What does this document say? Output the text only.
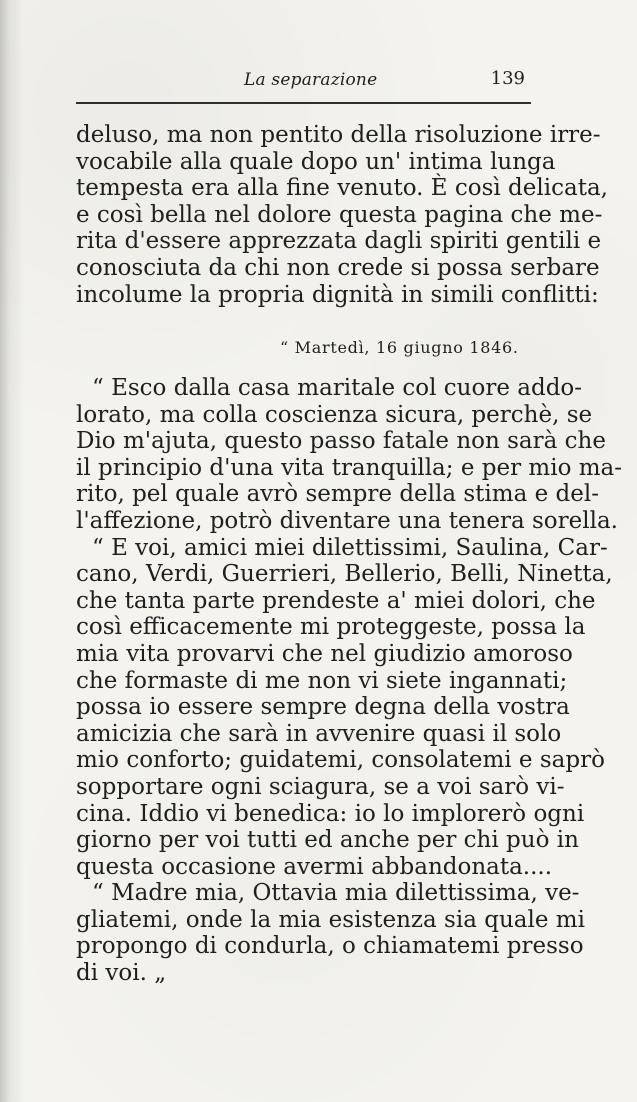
La separazione	139
deluso, ma non pentito della risoluzione irre-
vocabile alla quale dopo un' intima lunga
tempesta era alla fine venuto. È così delicata,
e così bella nel dolore questa pagina che me-
rita d'essere apprezzata dagli spiriti gentili e
conosciuta da chi non crede si possa serbare
incolume la propria dignità in simili conflitti:
“ Martedì, 16 giugno 1846.
“ Esco dalla casa maritale col cuore addo-
lorato, ma colla coscienza sicura, perchè, se
Dio m'ajuta, questo passo fatale non sarà che
il principio d'una vita tranquilla; e per mio ma-
rito, pel quale avrò sempre della stima e del-
l'affezione, potrò diventare una tenera sorella.
“ E voi, amici miei dilettissimi, Saulina, Car-
cano, Verdi, Guerrieri, Bellerio, Belli, Ninetta,
che tanta parte prendeste a' miei dolori, che
così efficacemente mi proteggeste, possa la
mia vita provarvi che nel giudizio amoroso
che formaste di me non vi siete ingannati;
possa io essere sempre degna della vostra
amicizia che sarà in avvenire quasi il solo
mio conforto; guidatemi, consolatemi e saprò
sopportare ogni sciagura, se a voi sarò vi-
cina. Iddio vi benedica: io lo implorerò ogni
giorno per voi tutti ed anche per chi può in
questa occasione avermi abbandonata....
“ Madre mia, Ottavia mia dilettissima, ve-
gliatemi, onde la mia esistenza sia quale mi
propongo di condurla, o chiamatemi presso
di voi. „
